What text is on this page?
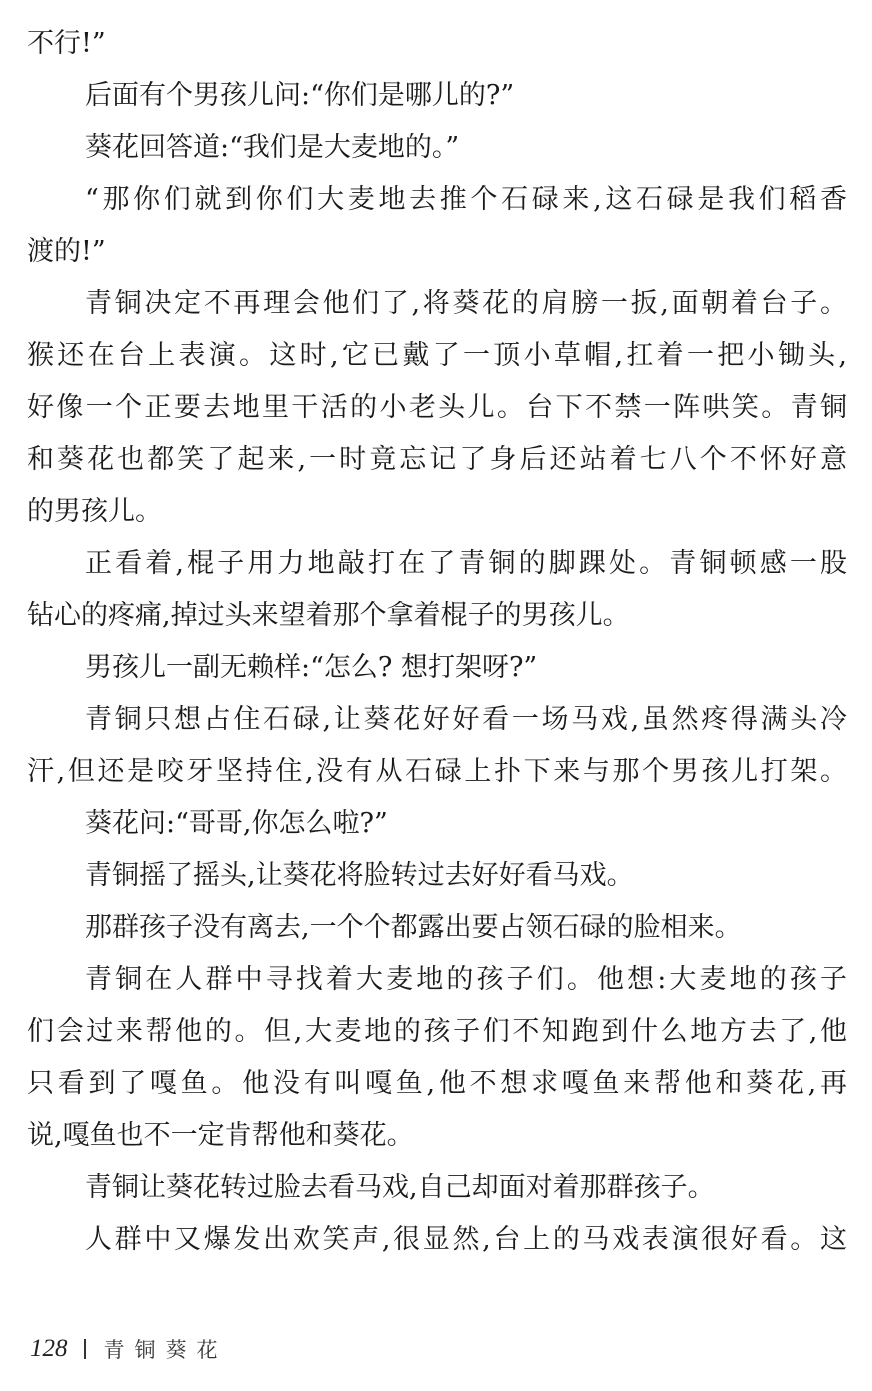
不行!”
后面有个男孩儿问:“你们是哪儿的?”
葵花回答道:“我们是大麦地的。”
“那你们就到你们大麦地去推个石碌来,这石碌是我们稻香
渡的!”
青铜决定不再理会他们了,将葵花的肩膀一扳,面朝着台子。
猴还在台上表演。这时,它已戴了一顶小草帽,扛着一把小锄头,
好像一个正要去地里干活的小老头儿。台下不禁一阵哄笑。青铜
和葵花也都笑了起来,一时竟忘记了身后还站着七八个不怀好意
的男孩儿。
正看着,棍子用力地敲打在了青铜的脚踝处。青铜顿感一股
钻心的疼痛,掉过头来望着那个拿着棍子的男孩儿。
男孩儿一副无赖样:“怎么? 想打架呀?”
青铜只想占住石碌,让葵花好好看一场马戏,虽然疼得满头冷
汗,但还是咬牙坚持住,没有从石碌上扑下来与那个男孩儿打架。
葵花问:“哥哥,你怎么啦?”
青铜摇了摇头,让葵花将脸转过去好好看马戏。
那群孩子没有离去,一个个都露出要占领石碌的脸相来。
青铜在人群中寻找着大麦地的孩子们。他想:大麦地的孩子
们会过来帮他的。但,大麦地的孩子们不知跑到什么地方去了,他
只看到了嘎鱼。他没有叫嘎鱼,他不想求嘎鱼来帮他和葵花,再
说,嘎鱼也不一定肯帮他和葵花。
青铜让葵花转过脸去看马戏,自己却面对着那群孩子。
人群中又爆发出欢笑声,很显然,台上的马戏表演很好看。这
128 青铜葵花
